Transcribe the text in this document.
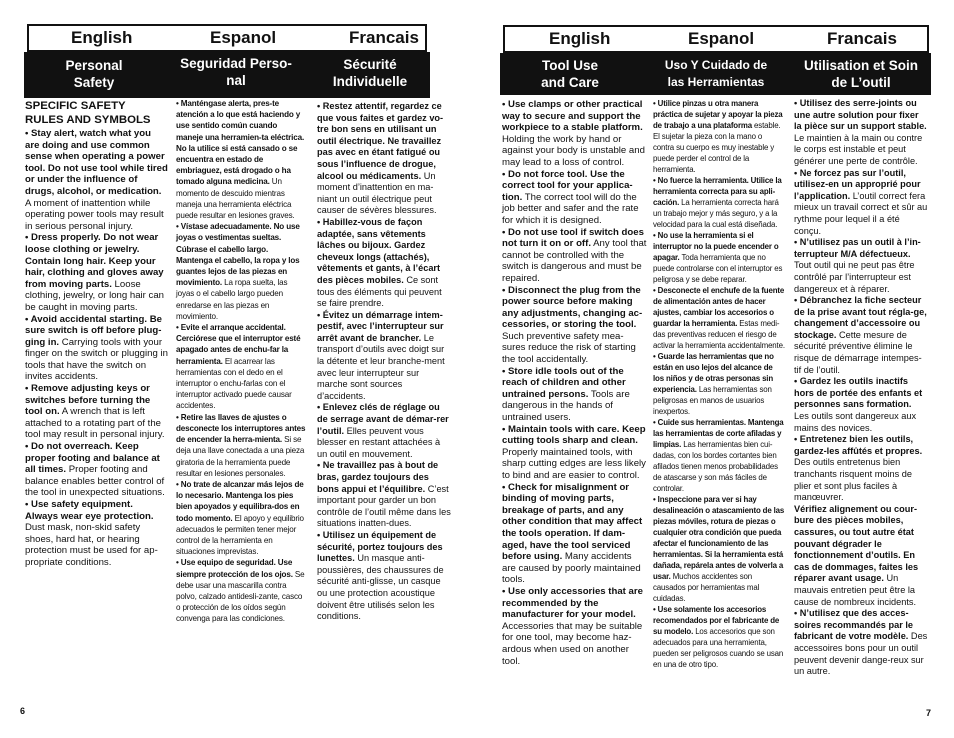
English	Espanol	Francais
Personal
Safety
Seguridad Perso-
nal
Sécurité
Individuelle

SPECIFIC SAFETY
RULES AND SYMBOLS

• Stay alert, watch what you are doing and use common sense when operating a power tool. Do not use tool while tired or under the influence of drugs, alcohol, or medication. A moment of inattention while operating power tools may result in serious personal injury.

• Dress properly. Do not wear loose clothing or jewelry. Contain long hair. Keep your hair, clothing and gloves away from moving parts. Loose clothing, jewelry, or long hair can be caught in moving parts.

• Avoid accidental starting. Be sure switch is off before plug-ging in. Carrying tools with your finger on the switch or plugging in tools that have the switch on invites accidents.

• Remove adjusting keys or switches before turning the tool on. A wrench that is left attached to a rotating part of the tool may result in personal injury.

• Do not overreach. Keep proper footing and balance at all times. Proper footing and balance enables better control of the tool in unexpected situations.

• Use safety equipment. Always wear eye protection. Dust mask, non-skid safety shoes, hard hat, or hearing protection must be used for ap-propriate conditions.

• Manténgase alerta, pres-te atención a lo que está haciendo y use sentido común cuando maneje una herramien-ta eléctrica. No la utilice si está cansado o se encuentra en estado de embriaguez, está drogado o ha tomado alguna medicina. Un momento de descuido mientras maneja una herramienta eléctrica puede resultar en lesiones graves.

• Vístase adecuadamente. No use joyas o vestimentas sueltas. Cúbrase el cabello largo. Mantenga el cabello, la ropa y los guantes lejos de las piezas en movimiento. La ropa suelta, las joyas o el cabello largo pueden enredarse en las piezas en movimiento.

• Evite el arranque accidental. Cerciórese que el interruptor esté apagado antes de enchu-far la herramienta. El acarrear las herramientas con el dedo en el interruptor o enchu-farlas con el interruptor activado puede causar accidentes.

• Retire las llaves de ajustes o desconecte los interruptores antes de encender la herra-mienta. Si se deja una llave conectada a una pieza giratoria de la herramienta puede resultar en lesiones personales.

• No trate de alcanzar más lejos de lo necesario. Mantenga los pies bien apoyados y equilibra-dos en todo momento. El apoyo y equilibrio adecuados le permiten tener mejor control de la herramienta en situaciones imprevistas.

• Use equipo de seguridad. Use siempre protección de los ojos. Se debe usar una mascarilla contra polvo, calzado antidesli-zante, casco o protección de los oídos según convenga para las condiciones.

• Restez attentif, regardez ce que vous faites et gardez vo-tre bon sens en utilisant un outil électrique. Ne travaillez pas avec en étant fatigué ou sous l’influence de drogue, alcool ou médicaments. Un moment d’inattention en ma-niant un outil électrique peut causer de sévères blessures.

• Habillez-vous de façon adaptée, sans vêtements lâches ou bijoux. Gardez cheveux longs (attachés), vêtements et gants, à l’écart des pièces mobiles. Ce sont tous des éléments qui peuvent se faire prendre.

• Évitez un démarrage intem-pestif, avec l’interrupteur sur arrêt avant de brancher. Le transport d’outils avec doigt sur la détente et leur branche-ment avec leur interrupteur sur marche sont sources d’accidents.

• Enlevez clés de réglage ou de serrage avant de démar-rer l’outil. Elles peuvent vous blesser en restant attachées à un outil en mouvement.

• Ne travaillez pas à bout de bras, gardez toujours des bons appui et l’équilibre. C’est important pour garder un bon contrôle de l’outil même dans les situations inatten-dues.

• Utilisez un équipement de sécurité, portez toujours des lunettes. Un masque anti-poussières, des chaussures de sécurité anti-glisse, un casque ou une protection acoustique doivent être utilisés selon les conditions.

6
English	Espanol	Francais
Tool Use
and Care
Uso Y Cuidado de
las Herramientas
Utilisation et Soin
de L’outil

• Use clamps or other practical way to secure and support the workpiece to a stable platform. Holding the work by hand or against your body is unstable and may lead to a loss of control.

• Do not force tool. Use the correct tool for your applica-tion. The correct tool will do the job better and safer and the rate for which it is designed.

• Do not use tool if switch does not turn it on or off. Any tool that cannot be controlled with the switch is dangerous and must be repaired.

• Disconnect the plug from the power source before making any adjustments, changing ac-cessories, or storing the tool. Such preventive safety mea-sures reduce the risk of starting the tool accidentally.

• Store idle tools out of the reach of children and other untrained persons. Tools are dangerous in the hands of untrained users.

• Maintain tools with care. Keep cutting tools sharp and clean. Properly maintained tools, with sharp cutting edges are less likely to bind and are easier to control.

• Check for misalignment or binding of moving parts, breakage of parts, and any other condition that may affect the tools operation. If dam-aged, have the tool serviced before using. Many accidents are caused by poorly maintained tools.

• Use only accessories that are recommended by the manufacturer for your model. Accessories that may be suitable for one tool, may become haz-ardous when used on another tool.

• Utilice pinzas u otra manera práctica de sujetar y apoyar la pieza de trabajo a una plataforma estable. El sujetar la pieza con la mano o contra su cuerpo es muy inestable y puede perder el control de la herramienta.

• No fuerce la herramienta. Utilice la herramienta correcta para su apli-cación. La herramienta correcta hará un trabajo mejor y más seguro, y a la velocidad para la cual está diseñada.

• No use la herramienta si el interruptor no la puede encender o apagar. Toda herramienta que no puede controlarse con el interruptor es peligrosa y se debe reparar.

• Desconecte el enchufe de la fuente de alimentación antes de hacer ajustes, cambiar los accesorios o guardar la herramienta. Estas medi-das preventivas reducen el riesgo de activar la herramienta accidentalmente.

• Guarde las herramientas que no están en uso lejos del alcance de los niños y de otras personas sin experiencia. Las herramientas son peligrosas en manos de usuarios inexpertos.

• Cuide sus herramientas. Mantenga las herramientas de corte afiladas y limpias. Las herramientas bien cui-dadas, con los bordes cortantes bien afilados tienen menos probabilidades de atascarse y son más fáciles de controlar.

• Inspeccione para ver si hay desalineación o atascamiento de las piezas móviles, rotura de piezas o cualquier otra condición que pueda afectar el funcionamiento de las herramientas. Si la herramienta está dañada, repárela antes de volverla a usar. Muchos accidentes son causados por herramientas mal cuidadas.

• Use solamente los accesorios recomendados por el fabricante de su modelo. Los accesorios que son adecuados para una herramienta, pueden ser peligrosos cuando se usan en una de otro tipo.

• Utilisez des serre-joints ou une autre solution pour fixer la pièce sur un support stable. Le maintien à la main ou contre le corps est instable et peut générer une perte de contrôle.

• Ne forcez pas sur l’outil, utilisez-en un approprié pour l’application. L’outil correct fera mieux un travail correct et sûr au rythme pour lequel il a été conçu.

• N’utilisez pas un outil à l’in-terrupteur M/A défectueux. Tout outil qui ne peut pas être contrôlé par l’interrupteur est dangereux et à réparer.

• Débranchez la fiche secteur de la prise avant tout régla-ge, changement d’accessoire ou stockage. Cette mesure de sécurité préventive élimine le risque de démarrage intempes-tif de l’outil.

• Gardez les outils inactifs hors de portée des enfants et personnes sans formation. Les outils sont dangereux aux mains des novices.

• Entretenez bien les outils, gardez-les affûtés et propres. Des outils entretenus bien tranchants risquent moins de plier et sont plus faciles à manœuvrer.

Vérifiez alignement ou cour-bure des pièces mobiles, cassures, ou tout autre état pouvant dégrader le fonctionnement d’outils. En cas de dommages, faites les réparer avant usage. Un mauvais entretien peut être la cause de nombreux incidents.

• N’utilisez que des acces-soires recommandés par le fabricant de votre modèle. Des accessoires bons pour un outil peuvent devenir dange-reux sur un autre.

7
